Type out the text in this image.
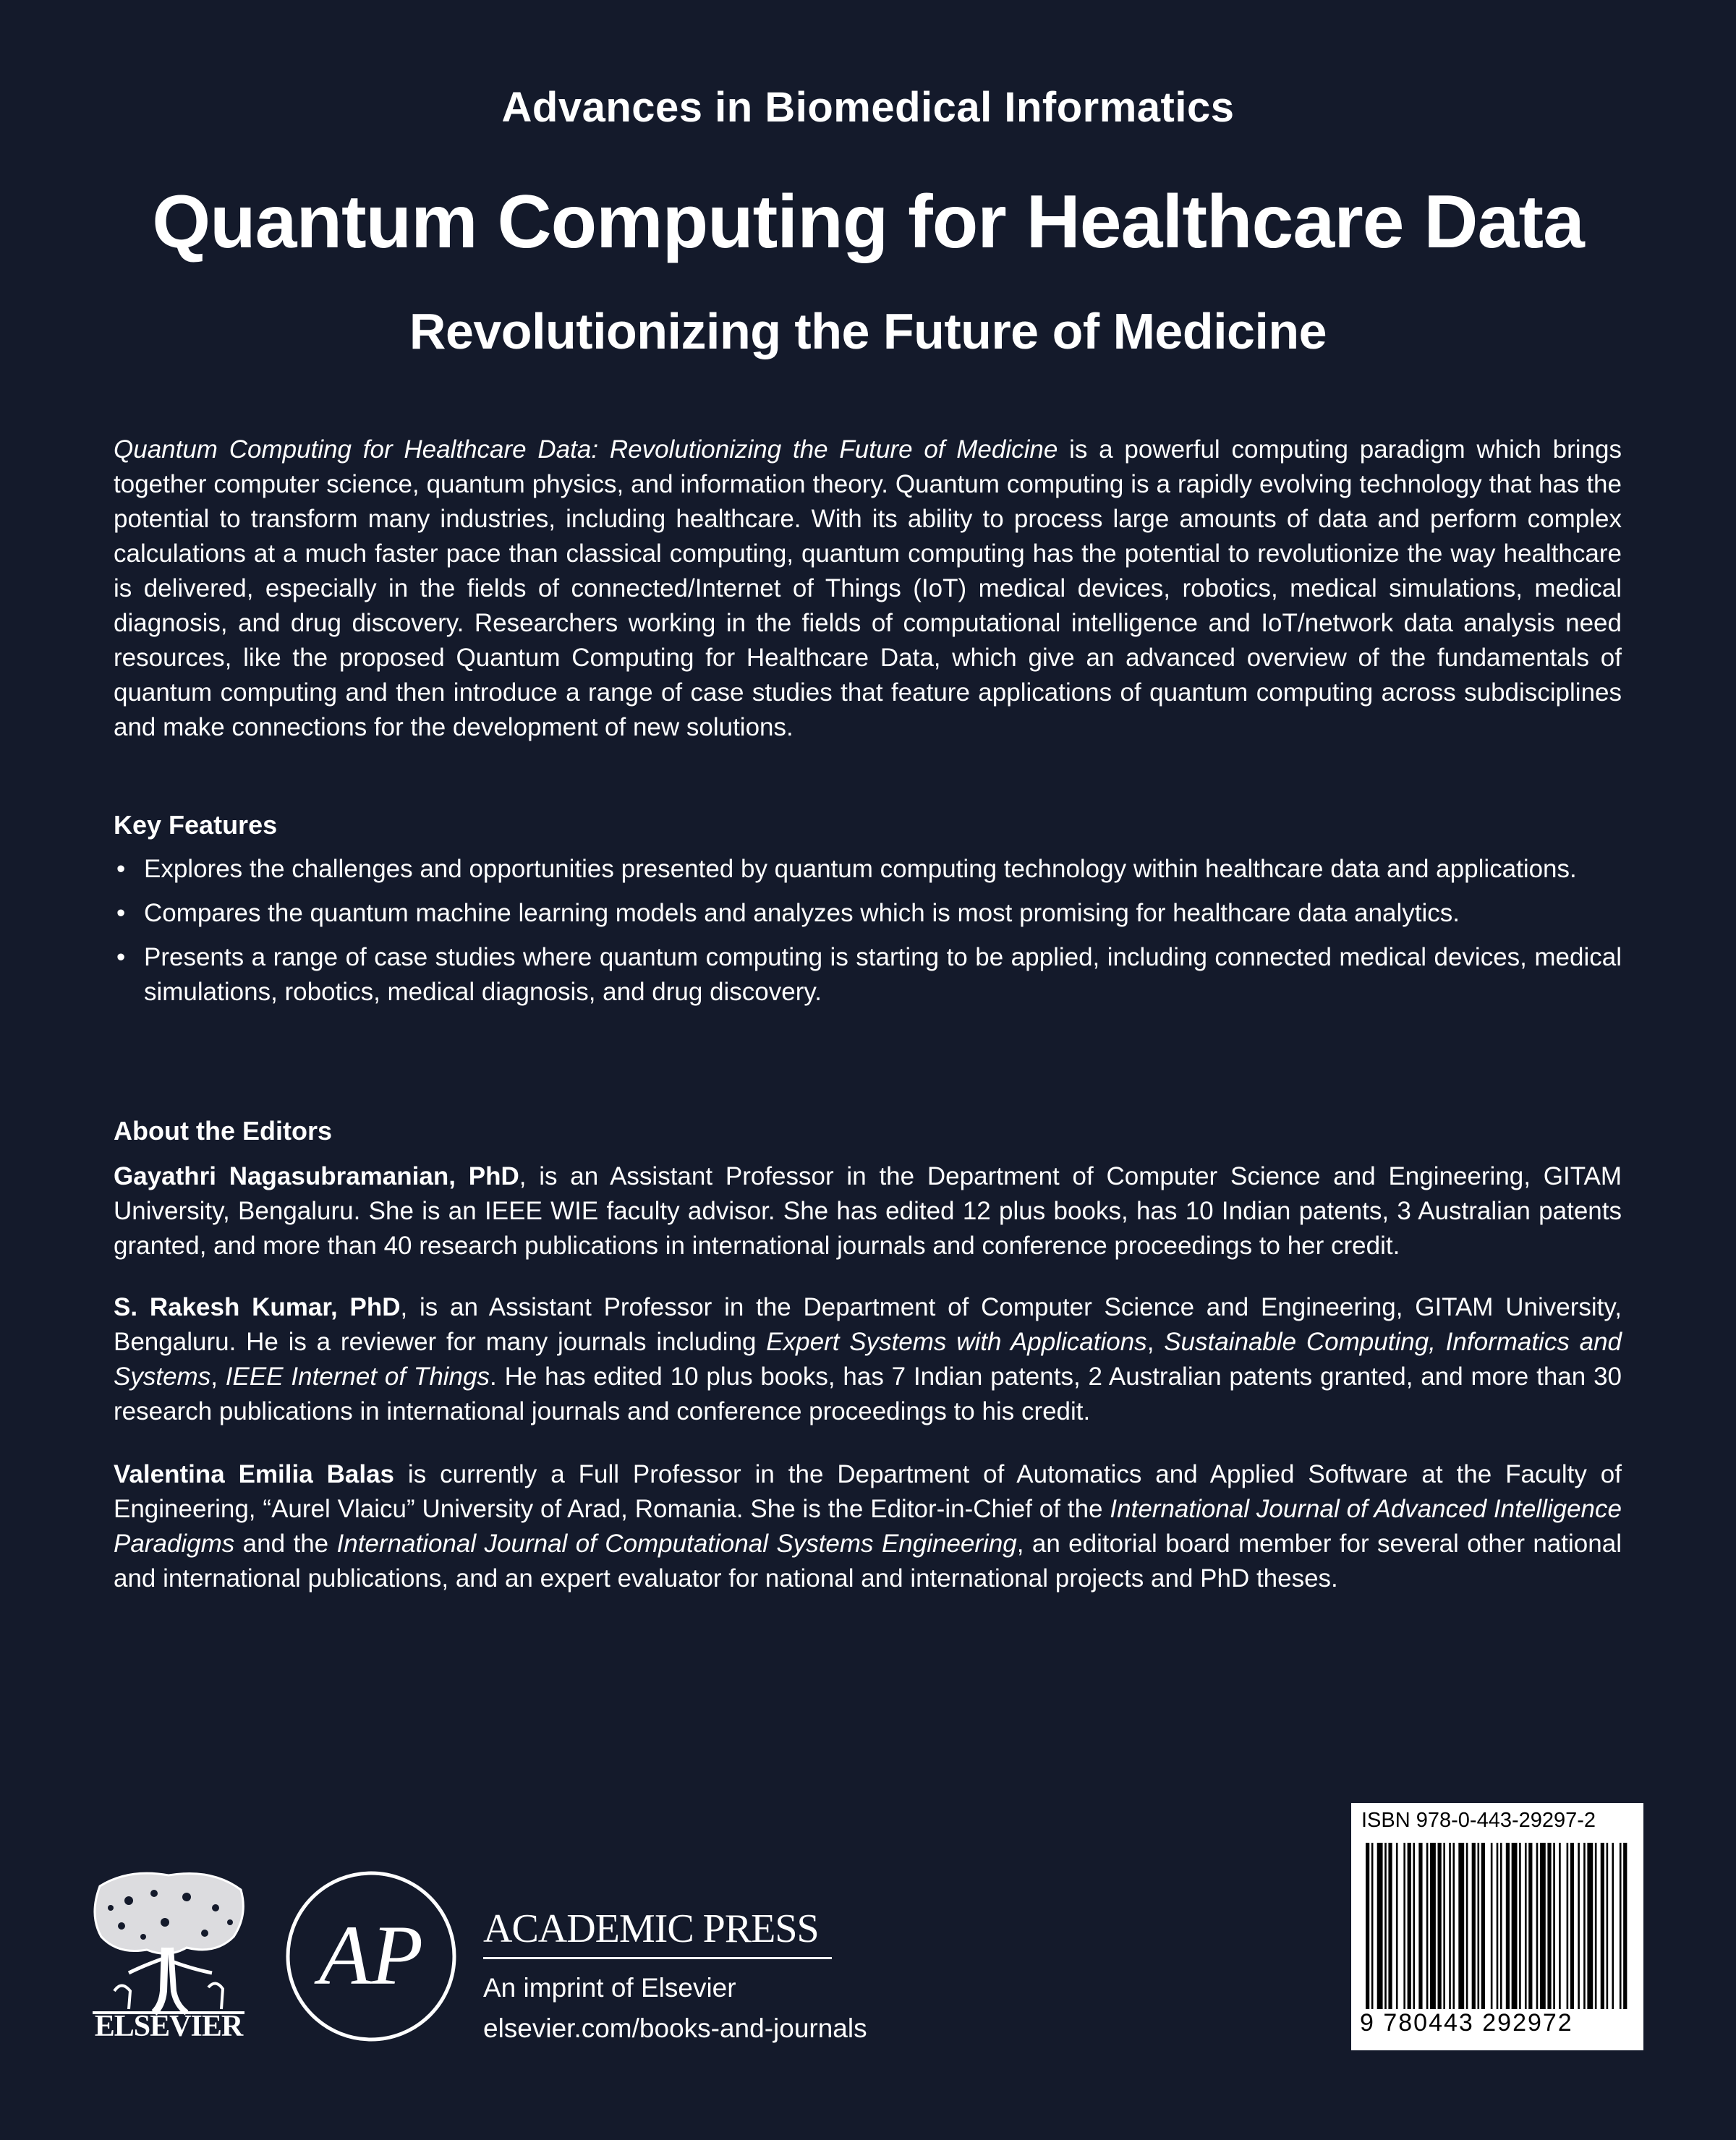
Advances in Biomedical Informatics
Quantum Computing for Healthcare Data
Revolutionizing the Future of Medicine
Quantum Computing for Healthcare Data: Revolutionizing the Future of Medicine is a powerful computing paradigm which brings together computer science, quantum physics, and information theory. Quantum computing is a rapidly evolving technology that has the potential to transform many industries, including healthcare. With its ability to process large amounts of data and perform complex calculations at a much faster pace than classical computing, quantum computing has the potential to revolutionize the way healthcare is delivered, especially in the fields of connected/Internet of Things (IoT) medical devices, robotics, medical simulations, medical diagnosis, and drug discovery. Researchers working in the fields of computational intelligence and IoT/network data analysis need resources, like the proposed Quantum Computing for Healthcare Data, which give an advanced overview of the fundamentals of quantum computing and then introduce a range of case studies that feature applications of quantum computing across subdisciplines and make connections for the development of new solutions.
Key Features
• Explores the challenges and opportunities presented by quantum computing technology within healthcare data and applications.
• Compares the quantum machine learning models and analyzes which is most promising for healthcare data analytics.
• Presents a range of case studies where quantum computing is starting to be applied, including connected medical devices, medical simulations, robotics, medical diagnosis, and drug discovery.
About the Editors
Gayathri Nagasubramanian, PhD, is an Assistant Professor in the Department of Computer Science and Engineering, GITAM University, Bengaluru. She is an IEEE WIE faculty advisor. She has edited 12 plus books, has 10 Indian patents, 3 Australian patents granted, and more than 40 research publications in international journals and conference proceedings to her credit.
S. Rakesh Kumar, PhD, is an Assistant Professor in the Department of Computer Science and Engineering, GITAM University, Bengaluru. He is a reviewer for many journals including Expert Systems with Applications, Sustainable Computing, Informatics and Systems, IEEE Internet of Things. He has edited 10 plus books, has 7 Indian patents, 2 Australian patents granted, and more than 30 research publications in international journals and conference proceedings to his credit.
Valentina Emilia Balas is currently a Full Professor in the Department of Automatics and Applied Software at the Faculty of Engineering, “Aurel Vlaicu” University of Arad, Romania. She is the Editor-in-Chief of the International Journal of Advanced Intelligence Paradigms and the International Journal of Computational Systems Engineering, an editorial board member for several other national and international publications, and an expert evaluator for national and international projects and PhD theses.
ELSEVIER
AP ACADEMIC PRESS
An imprint of Elsevier
elsevier.com/books-and-journals
ISBN 978-0-443-29297-2
9 780443 292972
